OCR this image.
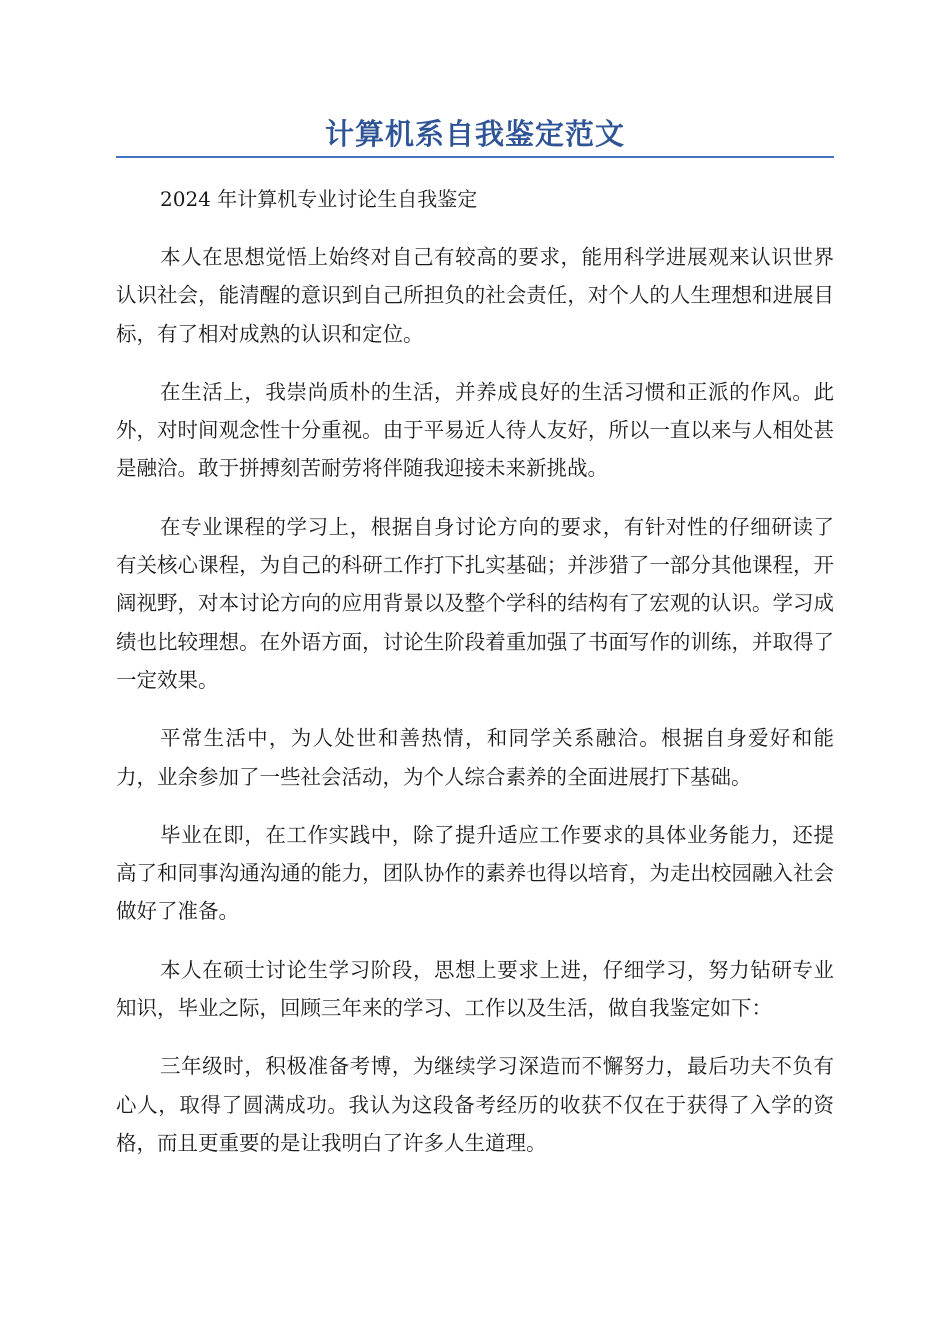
计算机系自我鉴定范文

2024 年计算机专业讨论生自我鉴定

本人在思想觉悟上始终对自己有较高的要求，能用科学进展观来认识世界认识社会，能清醒的意识到自己所担负的社会责任，对个人的人生理想和进展目标，有了相对成熟的认识和定位。

在生活上，我崇尚质朴的生活，并养成良好的生活习惯和正派的作风。此外，对时间观念性十分重视。由于平易近人待人友好，所以一直以来与人相处甚是融洽。敢于拼搏刻苦耐劳将伴随我迎接未来新挑战。

在专业课程的学习上，根据自身讨论方向的要求，有针对性的仔细研读了有关核心课程，为自己的科研工作打下扎实基础；并涉猎了一部分其他课程，开阔视野，对本讨论方向的应用背景以及整个学科的结构有了宏观的认识。学习成绩也比较理想。在外语方面，讨论生阶段着重加强了书面写作的训练，并取得了一定效果。

平常生活中，为人处世和善热情，和同学关系融洽。根据自身爱好和能力，业余参加了一些社会活动，为个人综合素养的全面进展打下基础。

毕业在即，在工作实践中，除了提升适应工作要求的具体业务能力，还提高了和同事沟通沟通的能力，团队协作的素养也得以培育，为走出校园融入社会做好了准备。

本人在硕士讨论生学习阶段，思想上要求上进，仔细学习，努力钻研专业知识，毕业之际，回顾三年来的学习、工作以及生活，做自我鉴定如下：

三年级时，积极准备考博，为继续学习深造而不懈努力，最后功夫不负有心人，取得了圆满成功。我认为这段备考经历的收获不仅在于获得了入学的资格，而且更重要的是让我明白了许多人生道理。
